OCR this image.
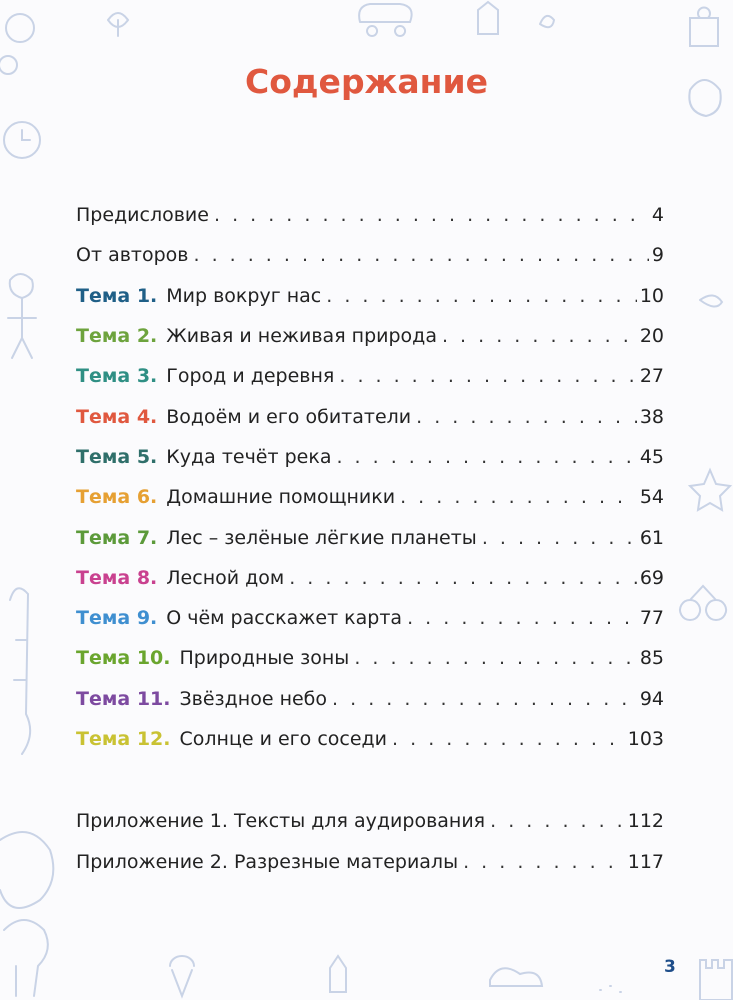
Содержание
Предисловие . . .	4
От авторов . . .	9
Тема 1. Мир вокруг нас . . .	10
Тема 2. Живая и неживая природа . . .	20
Тема 3. Город и деревня . . .	27
Тема 4. Водоём и его обитатели . . .	38
Тема 5. Куда течёт река . . .	45
Тема 6. Домашние помощники . . .	54
Тема 7. Лес – зелёные лёгкие планеты . . .	61
Тема 8. Лесной дом . . .	69
Тема 9. О чём расскажет карта . . .	77
Тема 10. Природные зоны . . .	85
Тема 11. Звёздное небо . . .	94
Тема 12. Солнце и его соседи . . .	103
Приложение 1. Тексты для аудирования . . .	112
Приложение 2. Разрезные материалы . . .	117
3
